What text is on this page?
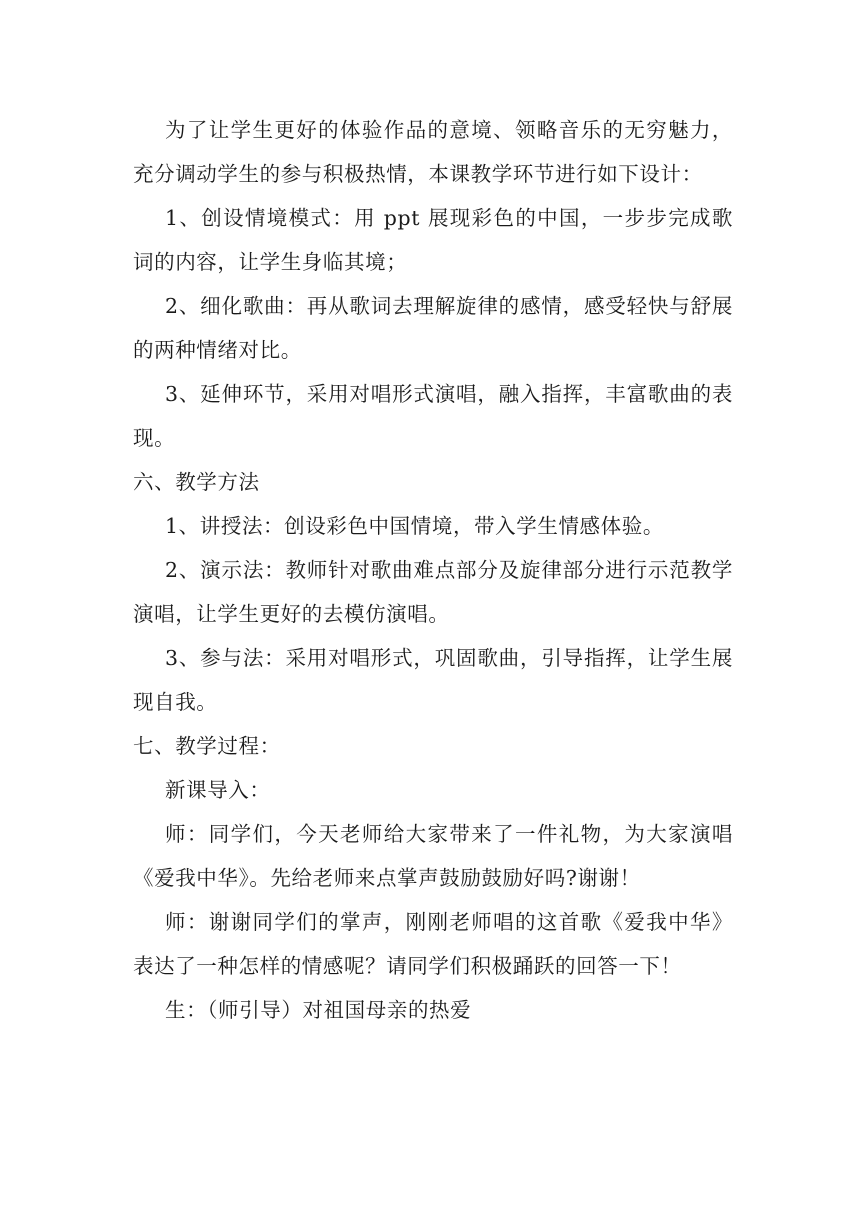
为了让学生更好的体验作品的意境、领略音乐的无穷魅力，充分调动学生的参与积极热情，本课教学环节进行如下设计：

1、创设情境模式：用 ppt 展现彩色的中国，一步步完成歌词的内容，让学生身临其境；

2、细化歌曲：再从歌词去理解旋律的感情，感受轻快与舒展的两种情绪对比。

3、延伸环节，采用对唱形式演唱，融入指挥，丰富歌曲的表现。

六、教学方法

1、讲授法：创设彩色中国情境，带入学生情感体验。

2、演示法：教师针对歌曲难点部分及旋律部分进行示范教学演唱，让学生更好的去模仿演唱。

3、参与法：采用对唱形式，巩固歌曲，引导指挥，让学生展现自我。

七、教学过程：

新课导入：

师：同学们，今天老师给大家带来了一件礼物，为大家演唱《爱我中华》。先给老师来点掌声鼓励鼓励好吗?谢谢！

师：谢谢同学们的掌声，刚刚老师唱的这首歌《爱我中华》表达了一种怎样的情感呢？请同学们积极踊跃的回答一下！

生：（师引导）对祖国母亲的热爱
